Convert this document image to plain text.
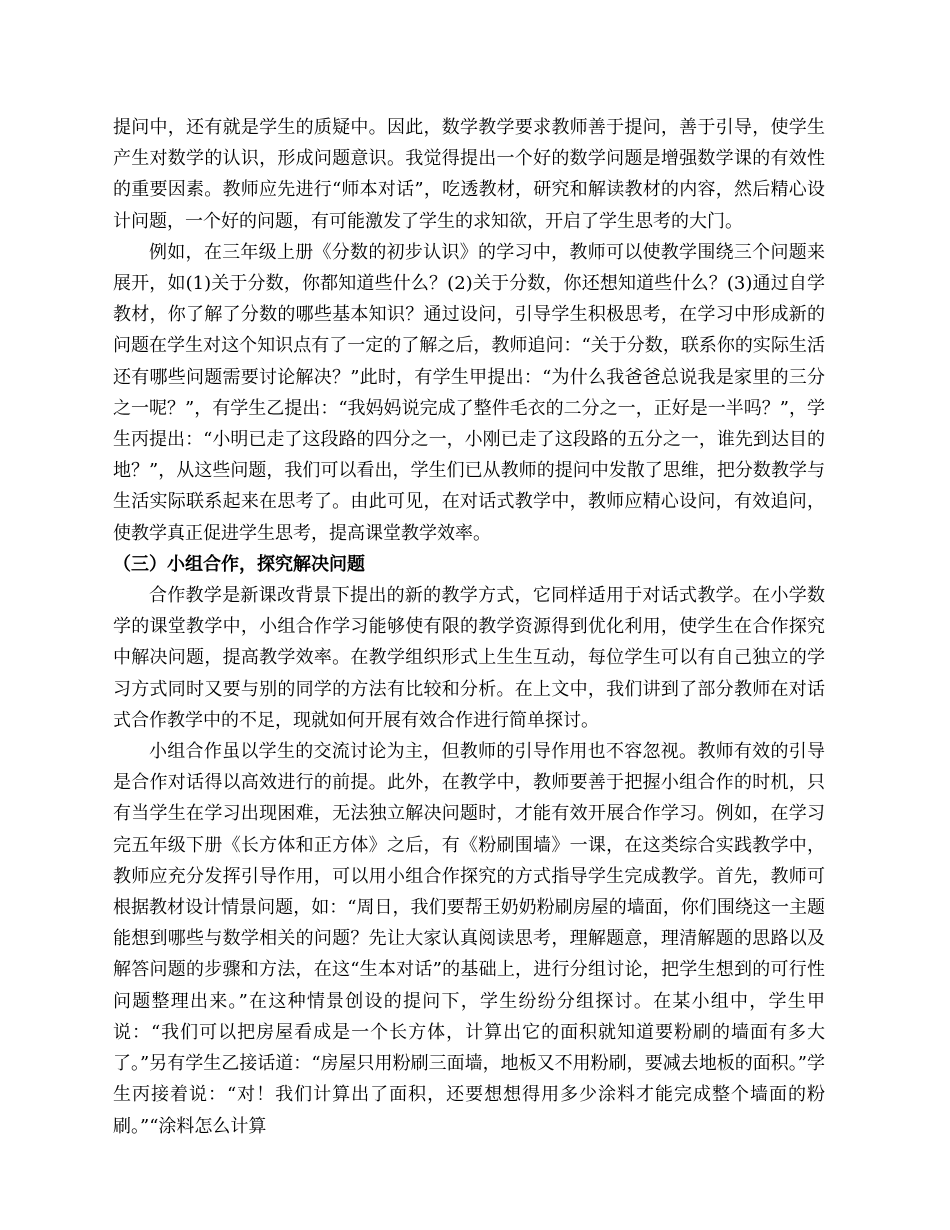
提问中，还有就是学生的质疑中。因此，数学教学要求教师善于提问，善于引导，使学生产生对数学的认识，形成问题意识。我觉得提出一个好的数学问题是增强数学课的有效性的重要因素。教师应先进行“师本对话”，吃透教材，研究和解读教材的内容，然后精心设计问题，一个好的问题，有可能激发了学生的求知欲，开启了学生思考的大门。

例如，在三年级上册《分数的初步认识》的学习中，教师可以使教学围绕三个问题来展开，如(1)关于分数，你都知道些什么？(2)关于分数，你还想知道些什么？(3)通过自学教材，你了解了分数的哪些基本知识？通过设问，引导学生积极思考，在学习中形成新的问题在学生对这个知识点有了一定的了解之后，教师追问：“关于分数，联系你的实际生活还有哪些问题需要讨论解决？”此时，有学生甲提出：“为什么我爸爸总说我是家里的三分之一呢？”，有学生乙提出：“我妈妈说完成了整件毛衣的二分之一，正好是一半吗？”，学生丙提出：“小明已走了这段路的四分之一，小刚已走了这段路的五分之一，谁先到达目的地？”，从这些问题，我们可以看出，学生们已从教师的提问中发散了思维，把分数教学与生活实际联系起来在思考了。由此可见，在对话式教学中，教师应精心设问，有效追问，使教学真正促进学生思考，提高课堂教学效率。

（三）小组合作，探究解决问题

合作教学是新课改背景下提出的新的教学方式，它同样适用于对话式教学。在小学数学的课堂教学中，小组合作学习能够使有限的教学资源得到优化利用，使学生在合作探究中解决问题，提高教学效率。在教学组织形式上生生互动，每位学生可以有自己独立的学习方式同时又要与别的同学的方法有比较和分析。在上文中，我们讲到了部分教师在对话式合作教学中的不足，现就如何开展有效合作进行简单探讨。

小组合作虽以学生的交流讨论为主，但教师的引导作用也不容忽视。教师有效的引导是合作对话得以高效进行的前提。此外，在教学中，教师要善于把握小组合作的时机，只有当学生在学习出现困难，无法独立解决问题时，才能有效开展合作学习。例如，在学习完五年级下册《长方体和正方体》之后，有《粉刷围墙》一课，在这类综合实践教学中，教师应充分发挥引导作用，可以用小组合作探究的方式指导学生完成教学。首先，教师可根据教材设计情景问题，如：“周日，我们要帮王奶奶粉刷房屋的墙面，你们围绕这一主题能想到哪些与数学相关的问题？先让大家认真阅读思考，理解题意，理清解题的思路以及解答问题的步骤和方法，在这“生本对话”的基础上，进行分组讨论，把学生想到的可行性问题整理出来。”在这种情景创设的提问下，学生纷纷分组探讨。在某小组中，学生甲说：“我们可以把房屋看成是一个长方体，计算出它的面积就知道要粉刷的墙面有多大了。”另有学生乙接话道：“房屋只用粉刷三面墙，地板又不用粉刷，要减去地板的面积。”学生丙接着说：“对！我们计算出了面积，还要想想得用多少涂料才能完成整个墙面的粉刷。”“涂料怎么计算
